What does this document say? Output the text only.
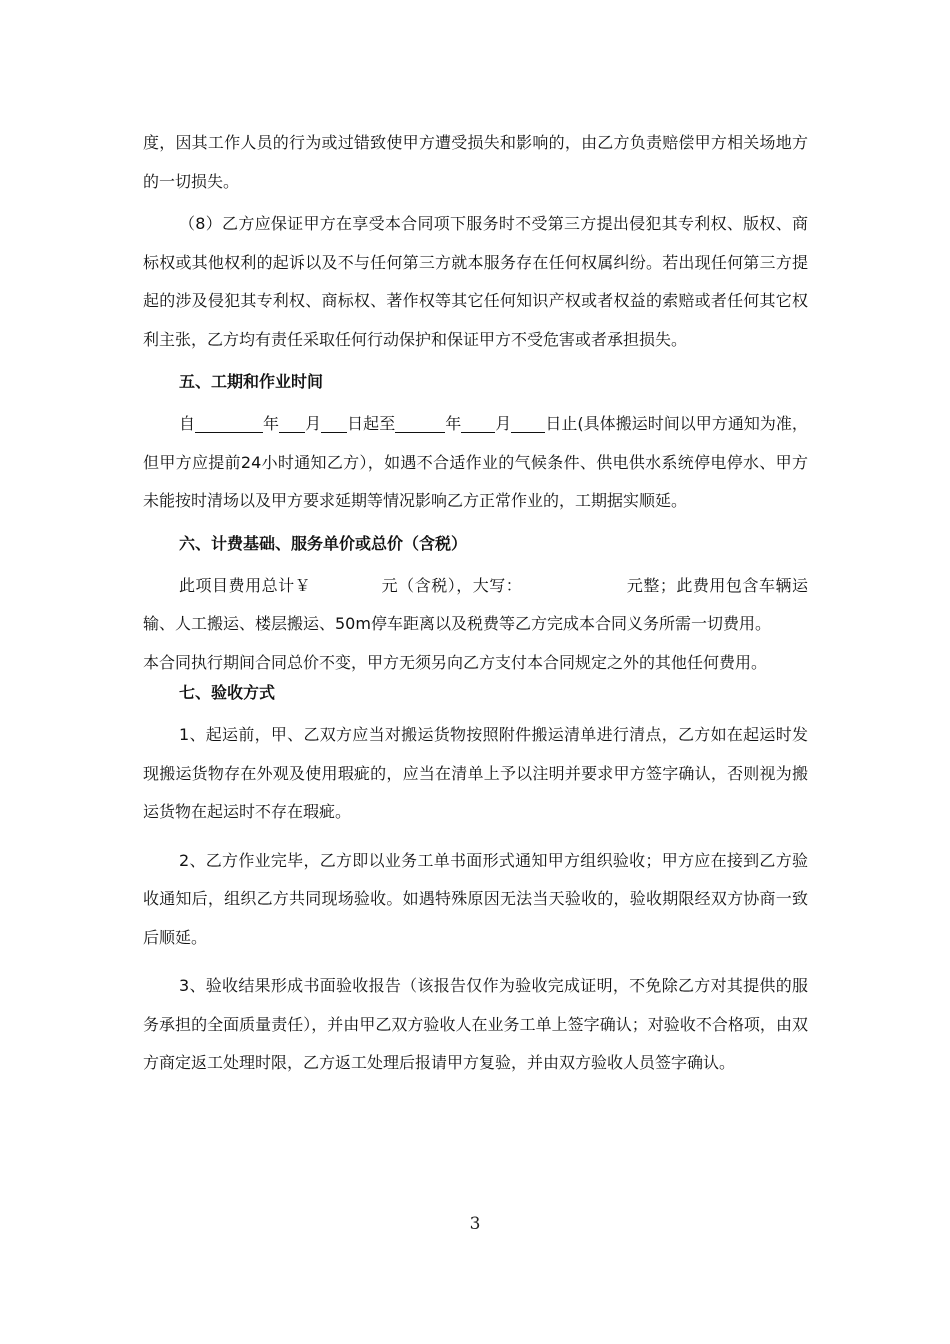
度，因其工作人员的行为或过错致使甲方遭受损失和影响的，由乙方负责赔偿甲方相关场地方的一切损失。

（8）乙方应保证甲方在享受本合同项下服务时不受第三方提出侵犯其专利权、版权、商标权或其他权利的起诉以及不与任何第三方就本服务存在任何权属纠纷。若出现任何第三方提起的涉及侵犯其专利权、商标权、著作权等其它任何知识产权或者权益的索赔或者任何其它权利主张，乙方均有责任采取任何行动保护和保证甲方不受危害或者承担损失。

五、工期和作业时间

自	年 月 日起至	年 月 日止(具体搬运时间以甲方通知为准，但甲方应提前24小时通知乙方），如遇不合适作业的气候条件、供电供水系统停电停水、甲方未能按时清场以及甲方要求延期等情况影响乙方正常作业的，工期据实顺延。

六、计费基础、服务单价或总价（含税）

此项目费用总计￥	元（含税），大写：	元整；此费用包含车辆运输、人工搬运、楼层搬运、50m停车距离以及税费等乙方完成本合同义务所需一切费用。

本合同执行期间合同总价不变，甲方无须另向乙方支付本合同规定之外的其他任何费用。

七、验收方式

1、起运前，甲、乙双方应当对搬运货物按照附件搬运清单进行清点，乙方如在起运时发现搬运货物存在外观及使用瑕疵的，应当在清单上予以注明并要求甲方签字确认，否则视为搬运货物在起运时不存在瑕疵。

2、乙方作业完毕，乙方即以业务工单书面形式通知甲方组织验收；甲方应在接到乙方验收通知后，组织乙方共同现场验收。如遇特殊原因无法当天验收的，验收期限经双方协商一致后顺延。

3、验收结果形成书面验收报告（该报告仅作为验收完成证明，不免除乙方对其提供的服务承担的全面质量责任），并由甲乙双方验收人在业务工单上签字确认；对验收不合格项，由双方商定返工处理时限，乙方返工处理后报请甲方复验，并由双方验收人员签字确认。

3
